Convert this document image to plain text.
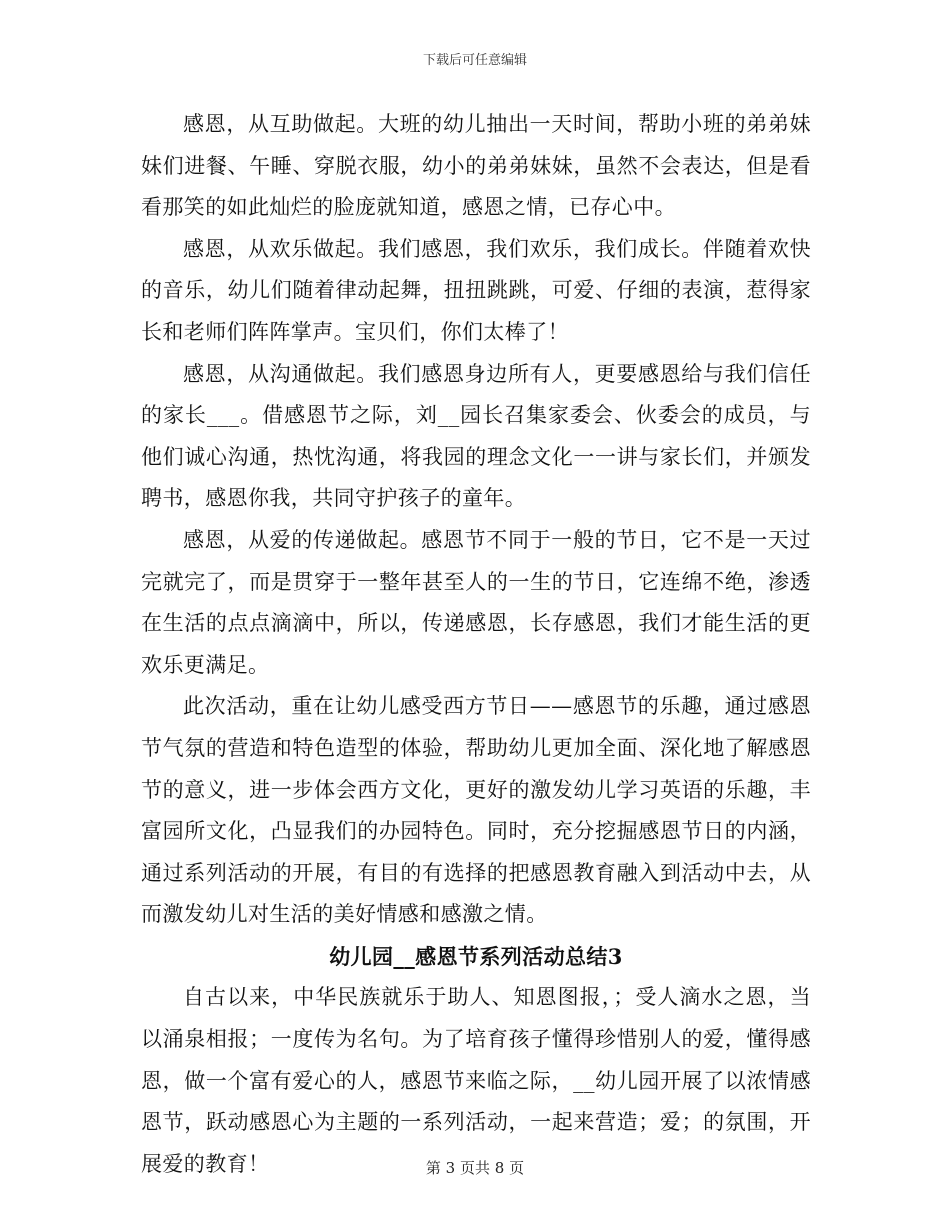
下载后可任意编辑

感恩，从互助做起。大班的幼儿抽出一天时间，帮助小班的弟弟妹妹们进餐、午睡、穿脱衣服，幼小的弟弟妹妹，虽然不会表达，但是看看那笑的如此灿烂的脸庞就知道，感恩之情，已存心中。

感恩，从欢乐做起。我们感恩，我们欢乐，我们成长。伴随着欢快的音乐，幼儿们随着律动起舞，扭扭跳跳，可爱、仔细的表演，惹得家长和老师们阵阵掌声。宝贝们，你们太棒了！

感恩，从沟通做起。我们感恩身边所有人，更要感恩给与我们信任的家长___。借感恩节之际，刘__园长召集家委会、伙委会的成员，与他们诚心沟通，热忱沟通，将我园的理念文化一一讲与家长们，并颁发聘书，感恩你我，共同守护孩子的童年。

感恩，从爱的传递做起。感恩节不同于一般的节日，它不是一天过完就完了，而是贯穿于一整年甚至人的一生的节日，它连绵不绝，渗透在生活的点点滴滴中，所以，传递感恩，长存感恩，我们才能生活的更欢乐更满足。

此次活动，重在让幼儿感受西方节日——感恩节的乐趣，通过感恩节气氛的营造和特色造型的体验，帮助幼儿更加全面、深化地了解感恩节的意义，进一步体会西方文化，更好的激发幼儿学习英语的乐趣，丰富园所文化，凸显我们的办园特色。同时，充分挖掘感恩节日的内涵，通过系列活动的开展，有目的有选择的把感恩教育融入到活动中去，从而激发幼儿对生活的美好情感和感激之情。

幼儿园__感恩节系列活动总结3

自古以来，中华民族就乐于助人、知恩图报，；受人滴水之恩，当以涌泉相报；一度传为名句。为了培育孩子懂得珍惜别人的爱，懂得感恩，做一个富有爱心的人，感恩节来临之际，__幼儿园开展了以浓情感恩节，跃动感恩心为主题的一系列活动，一起来营造；爱；的氛围，开展爱的教育！	第 3 页共 8 页
